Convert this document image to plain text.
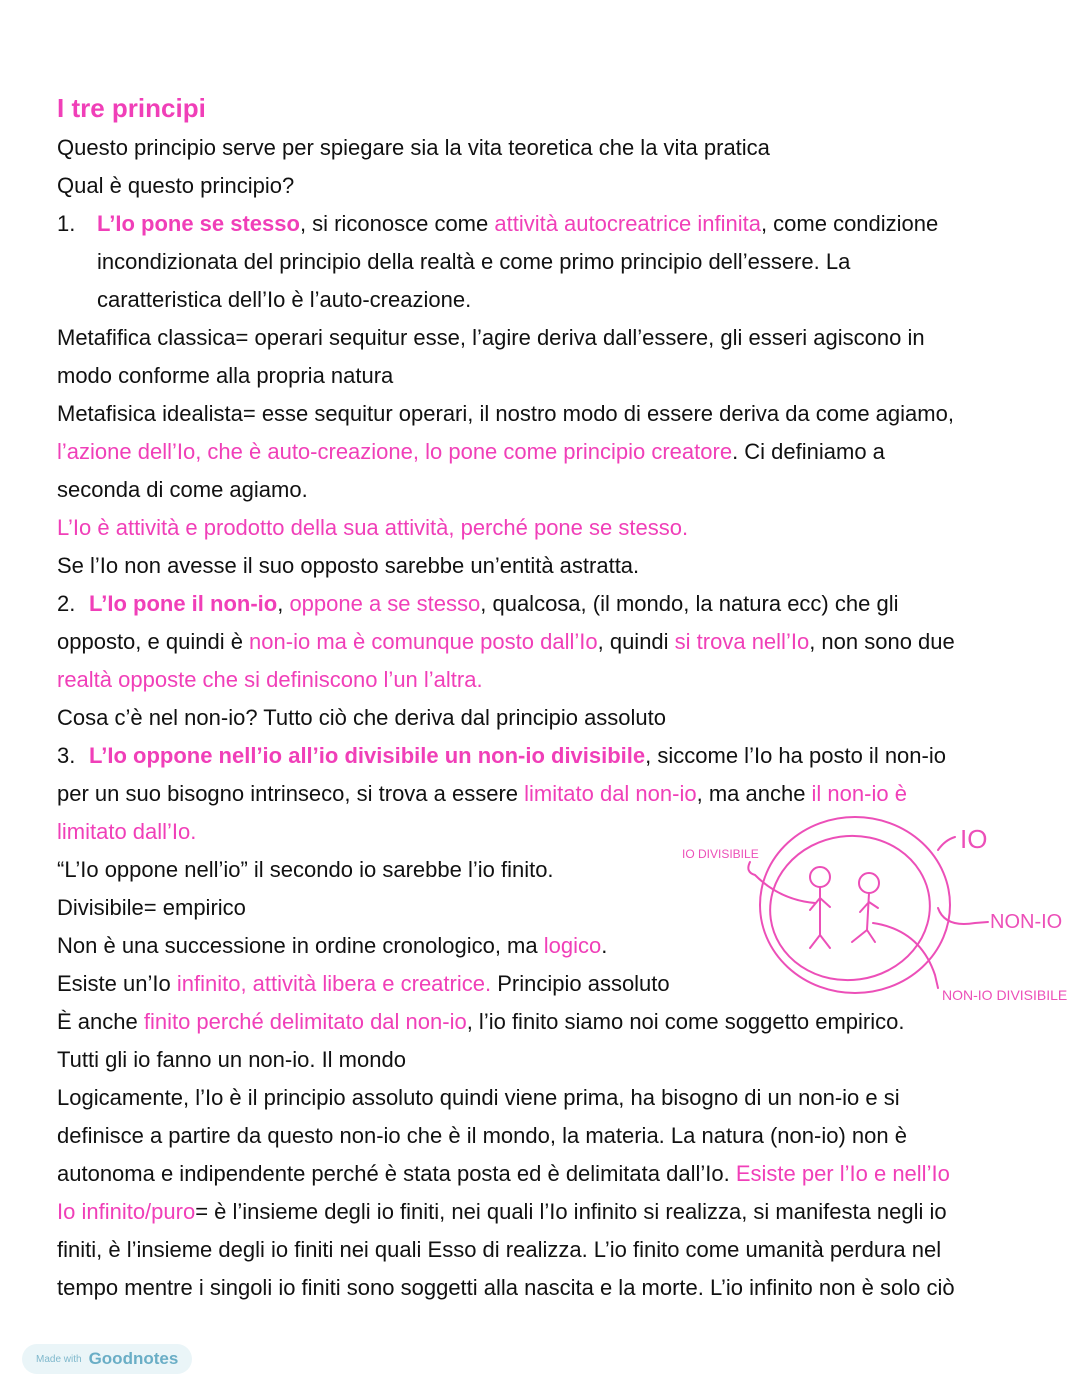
I tre principi
Questo principio serve per spiegare sia la vita teoretica che la vita pratica
Qual è questo principio?
1. L’Io pone se stesso, si riconosce come attività autocreatrice infinita, come condizione
incondizionata del principio della realtà e come primo principio dell’essere. La
caratteristica dell’Io è l’auto-creazione.
Metafifica classica= operari sequitur esse, l’agire deriva dall’essere, gli esseri agiscono in
modo conforme alla propria natura
Metafisica idealista= esse sequitur operari, il nostro modo di essere deriva da come agiamo,
l’azione dell’Io, che è auto-creazione, lo pone come principio creatore. Ci definiamo a
seconda di come agiamo.
L’Io è attività e prodotto della sua attività, perché pone se stesso.
Se l’Io non avesse il suo opposto sarebbe un’entità astratta.
2. L’Io pone il non-io, oppone a se stesso, qualcosa, (il mondo, la natura ecc) che gli
opposto, e quindi è non-io ma è comunque posto dall’Io, quindi si trova nell’Io, non sono due
realtà opposte che si definiscono l’un l’altra.
Cosa c’è nel non-io? Tutto ciò che deriva dal principio assoluto
3. L’Io oppone nell’io all’io divisibile un non-io divisibile, siccome l’Io ha posto il non-io
per un suo bisogno intrinseco, si trova a essere limitato dal non-io, ma anche il non-io è
limitato dall’Io.
“L’Io oppone nell’io” il secondo io sarebbe l’io finito.
Divisibile= empirico
Non è una successione in ordine cronologico, ma logico.
Esiste un’Io infinito, attività libera e creatrice. Principio assoluto
È anche finito perché delimitato dal non-io, l’io finito siamo noi come soggetto empirico.
Tutti gli io fanno un non-io. Il mondo
Logicamente, l’Io è il principio assoluto quindi viene prima, ha bisogno di un non-io e si
definisce a partire da questo non-io che è il mondo, la materia. La natura (non-io) non è
autonoma e indipendente perché è stata posta ed è delimitata dall’Io. Esiste per l’Io e nell’Io
Io infinito/puro= è l’insieme degli io finiti, nei quali l’Io infinito si realizza, si manifesta negli io
finiti, è l’insieme degli io finiti nei quali Esso di realizza. L’io finito come umanità perdura nel
tempo mentre i singoli io finiti sono soggetti alla nascita e la morte. L’io infinito non è solo ciò
IO DIVISIBILE	IO
NON-IO
NON-IO DIVISIBILE
Made with Goodnotes
